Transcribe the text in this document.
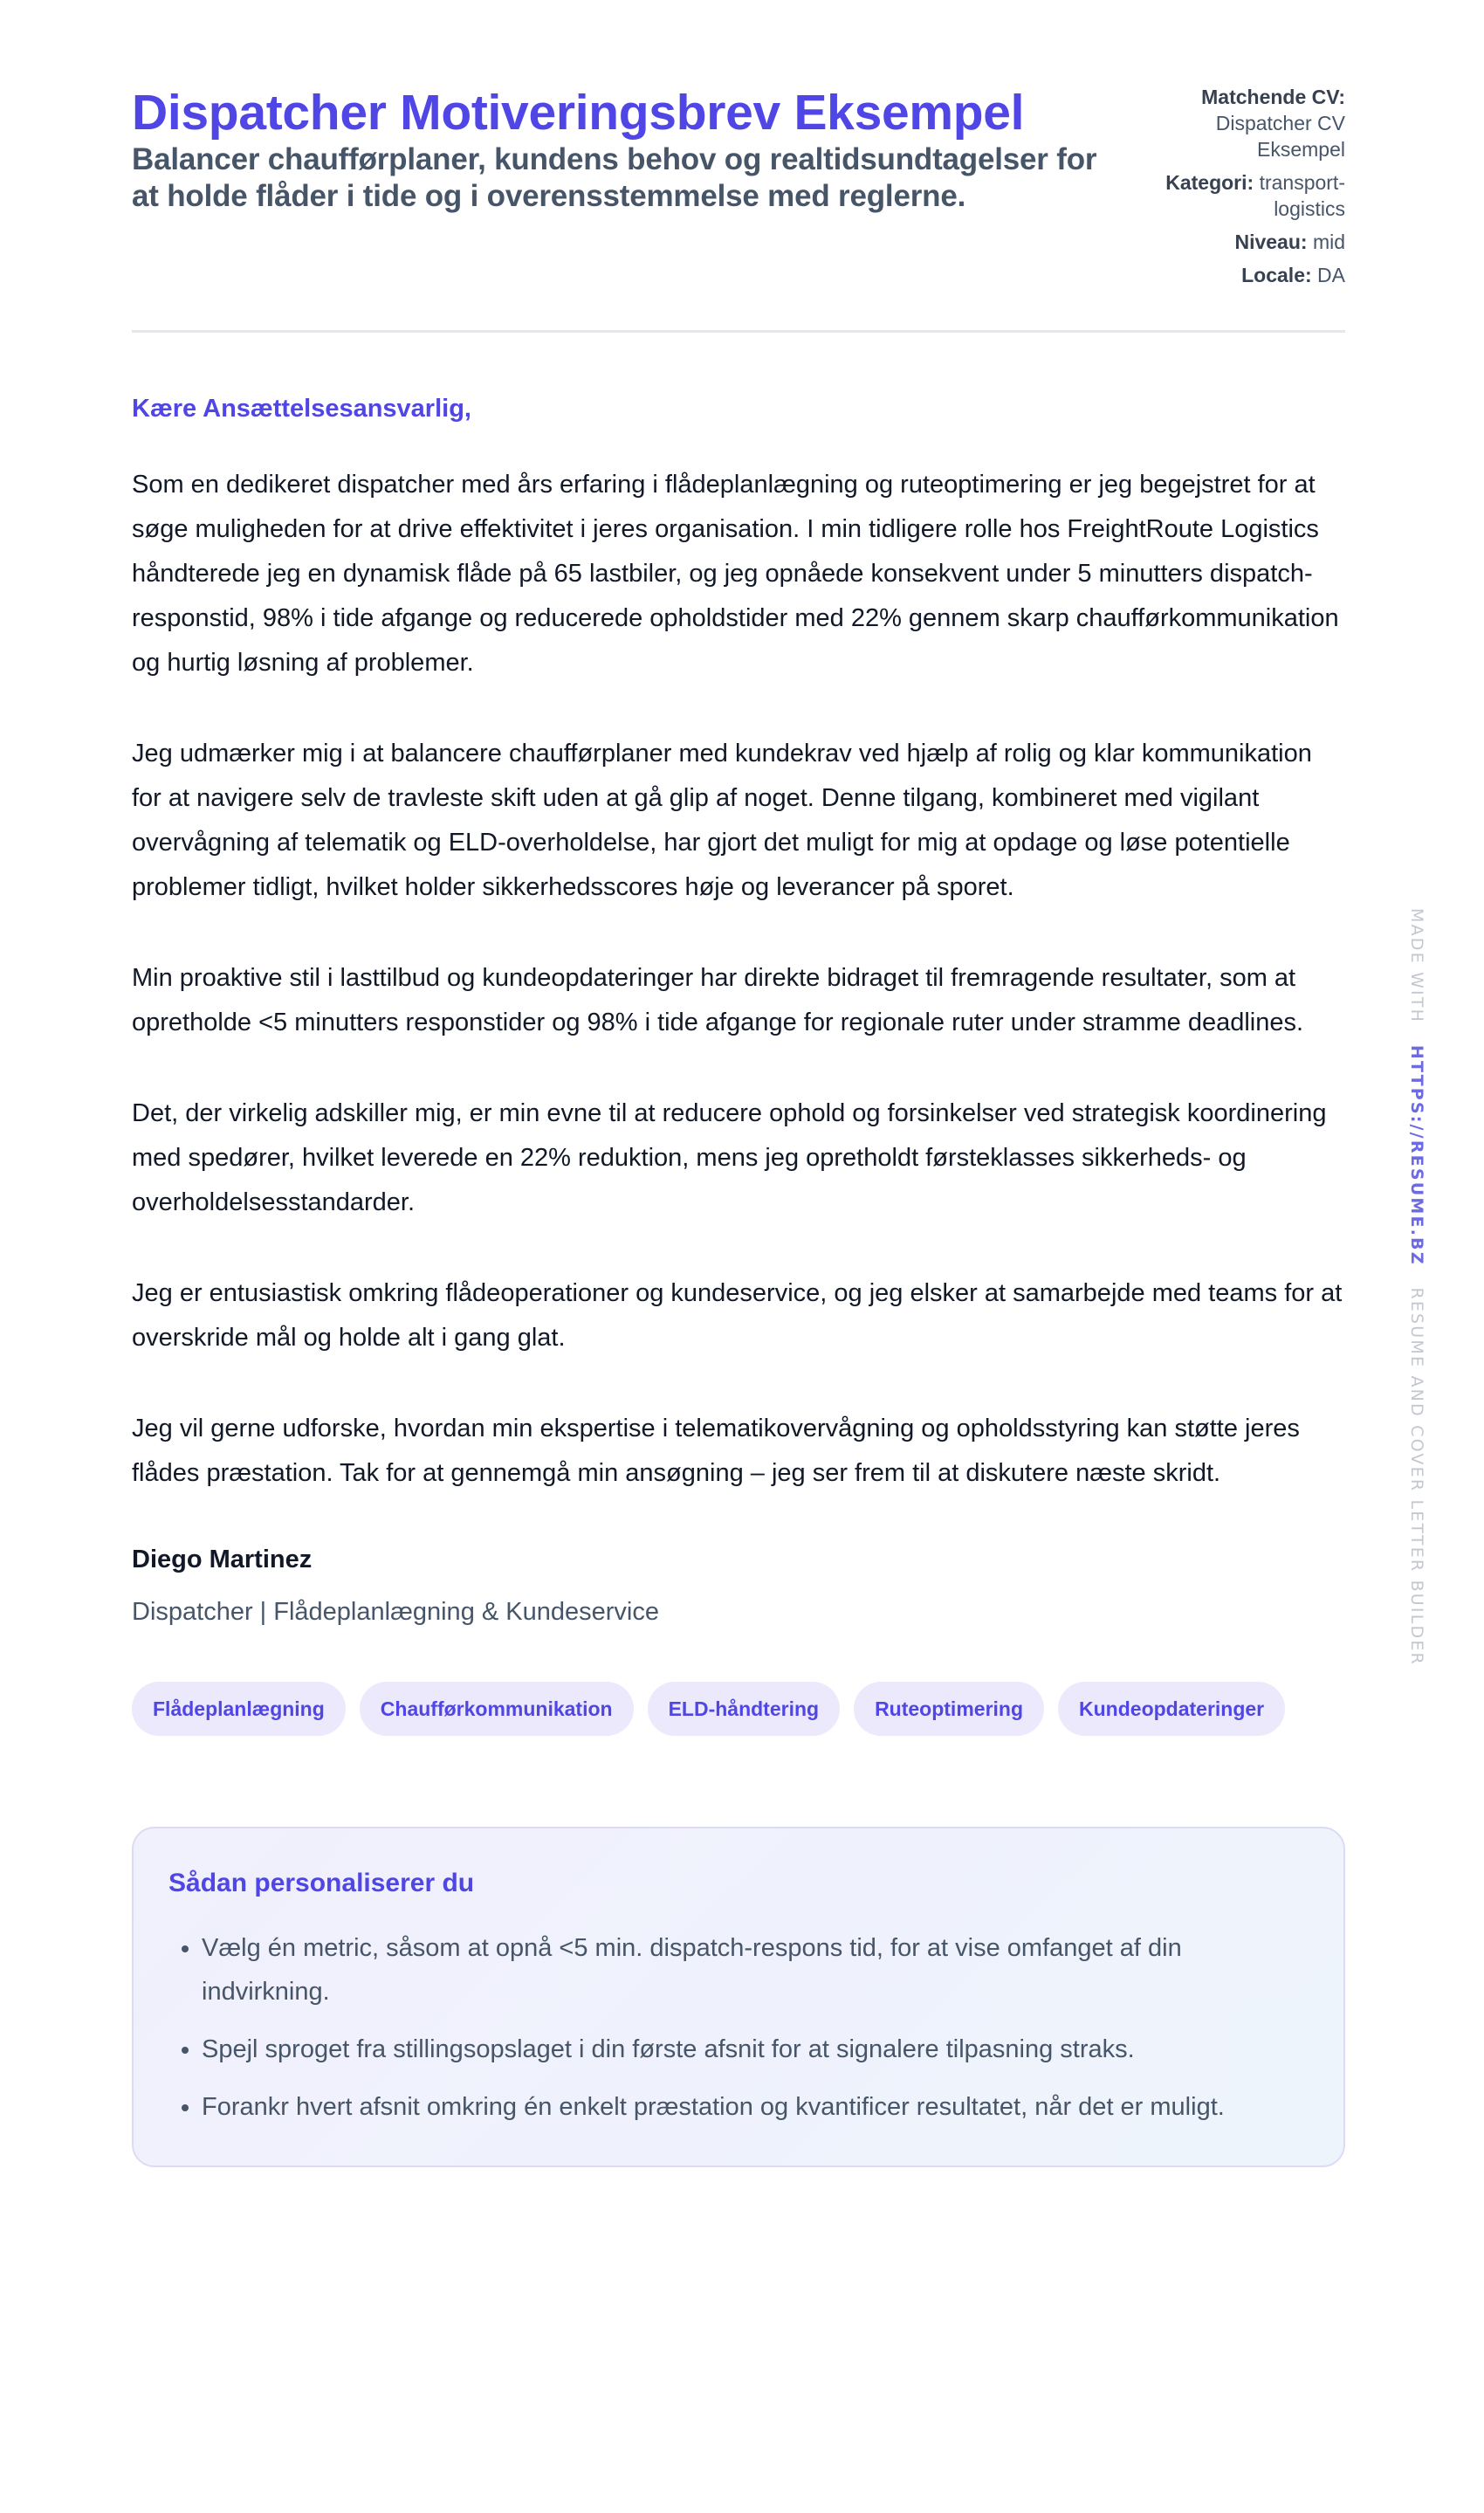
Dispatcher Motiveringsbrev Eksempel
Balancer chaufførplaner, kundens behov og realtidsundtagelser for at holde flåder i tide og i overensstemmelse med reglerne.
Matchende CV:
Dispatcher CV Eksempel
Kategori: transport-logistics
Niveau: mid
Locale: DA
Kære Ansættelsesansvarlig,

Som en dedikeret dispatcher med års erfaring i flådeplanlægning og ruteoptimering er jeg begejstret for at søge muligheden for at drive effektivitet i jeres organisation. I min tidligere rolle hos FreightRoute Logistics håndterede jeg en dynamisk flåde på 65 lastbiler, og jeg opnåede konsekvent under 5 minutters dispatch-responstid, 98% i tide afgange og reducerede opholdstider med 22% gennem skarp chaufførkommunikation og hurtig løsning af problemer.

Jeg udmærker mig i at balancere chaufførplaner med kundekrav ved hjælp af rolig og klar kommunikation for at navigere selv de travleste skift uden at gå glip af noget. Denne tilgang, kombineret med vigilant overvågning af telematik og ELD-overholdelse, har gjort det muligt for mig at opdage og løse potentielle problemer tidligt, hvilket holder sikkerhedsscores høje og leverancer på sporet.

Min proaktive stil i lasttilbud og kundeopdateringer har direkte bidraget til fremragende resultater, som at opretholde <5 minutters responstider og 98% i tide afgange for regionale ruter under stramme deadlines.

Det, der virkelig adskiller mig, er min evne til at reducere ophold og forsinkelser ved strategisk koordinering med spedører, hvilket leverede en 22% reduktion, mens jeg opretholdt førsteklasses sikkerheds- og overholdelsesstandarder.

Jeg er entusiastisk omkring flådeoperationer og kundeservice, og jeg elsker at samarbejde med teams for at overskride mål og holde alt i gang glat.

Jeg vil gerne udforske, hvordan min ekspertise i telematikovervågning og opholdsstyring kan støtte jeres flådes præstation. Tak for at gennemgå min ansøgning – jeg ser frem til at diskutere næste skridt.

Diego Martinez
Dispatcher | Flådeplanlægning & Kundeservice
Flådeplanlægning	Chaufførkommunikation	ELD-håndtering	Ruteoptimering	Kundeopdateringer
Sådan personaliserer du
• Vælg én metric, såsom at opnå <5 min. dispatch-respons tid, for at vise omfanget af din indvirkning.
• Spejl sproget fra stillingsopslaget i din første afsnit for at signalere tilpasning straks.
• Forankr hvert afsnit omkring én enkelt præstation og kvantificer resultatet, når det er muligt.
MADE WITH   HTTPS://RESUME.BZ   RESUME AND COVER LETTER BUILDER
